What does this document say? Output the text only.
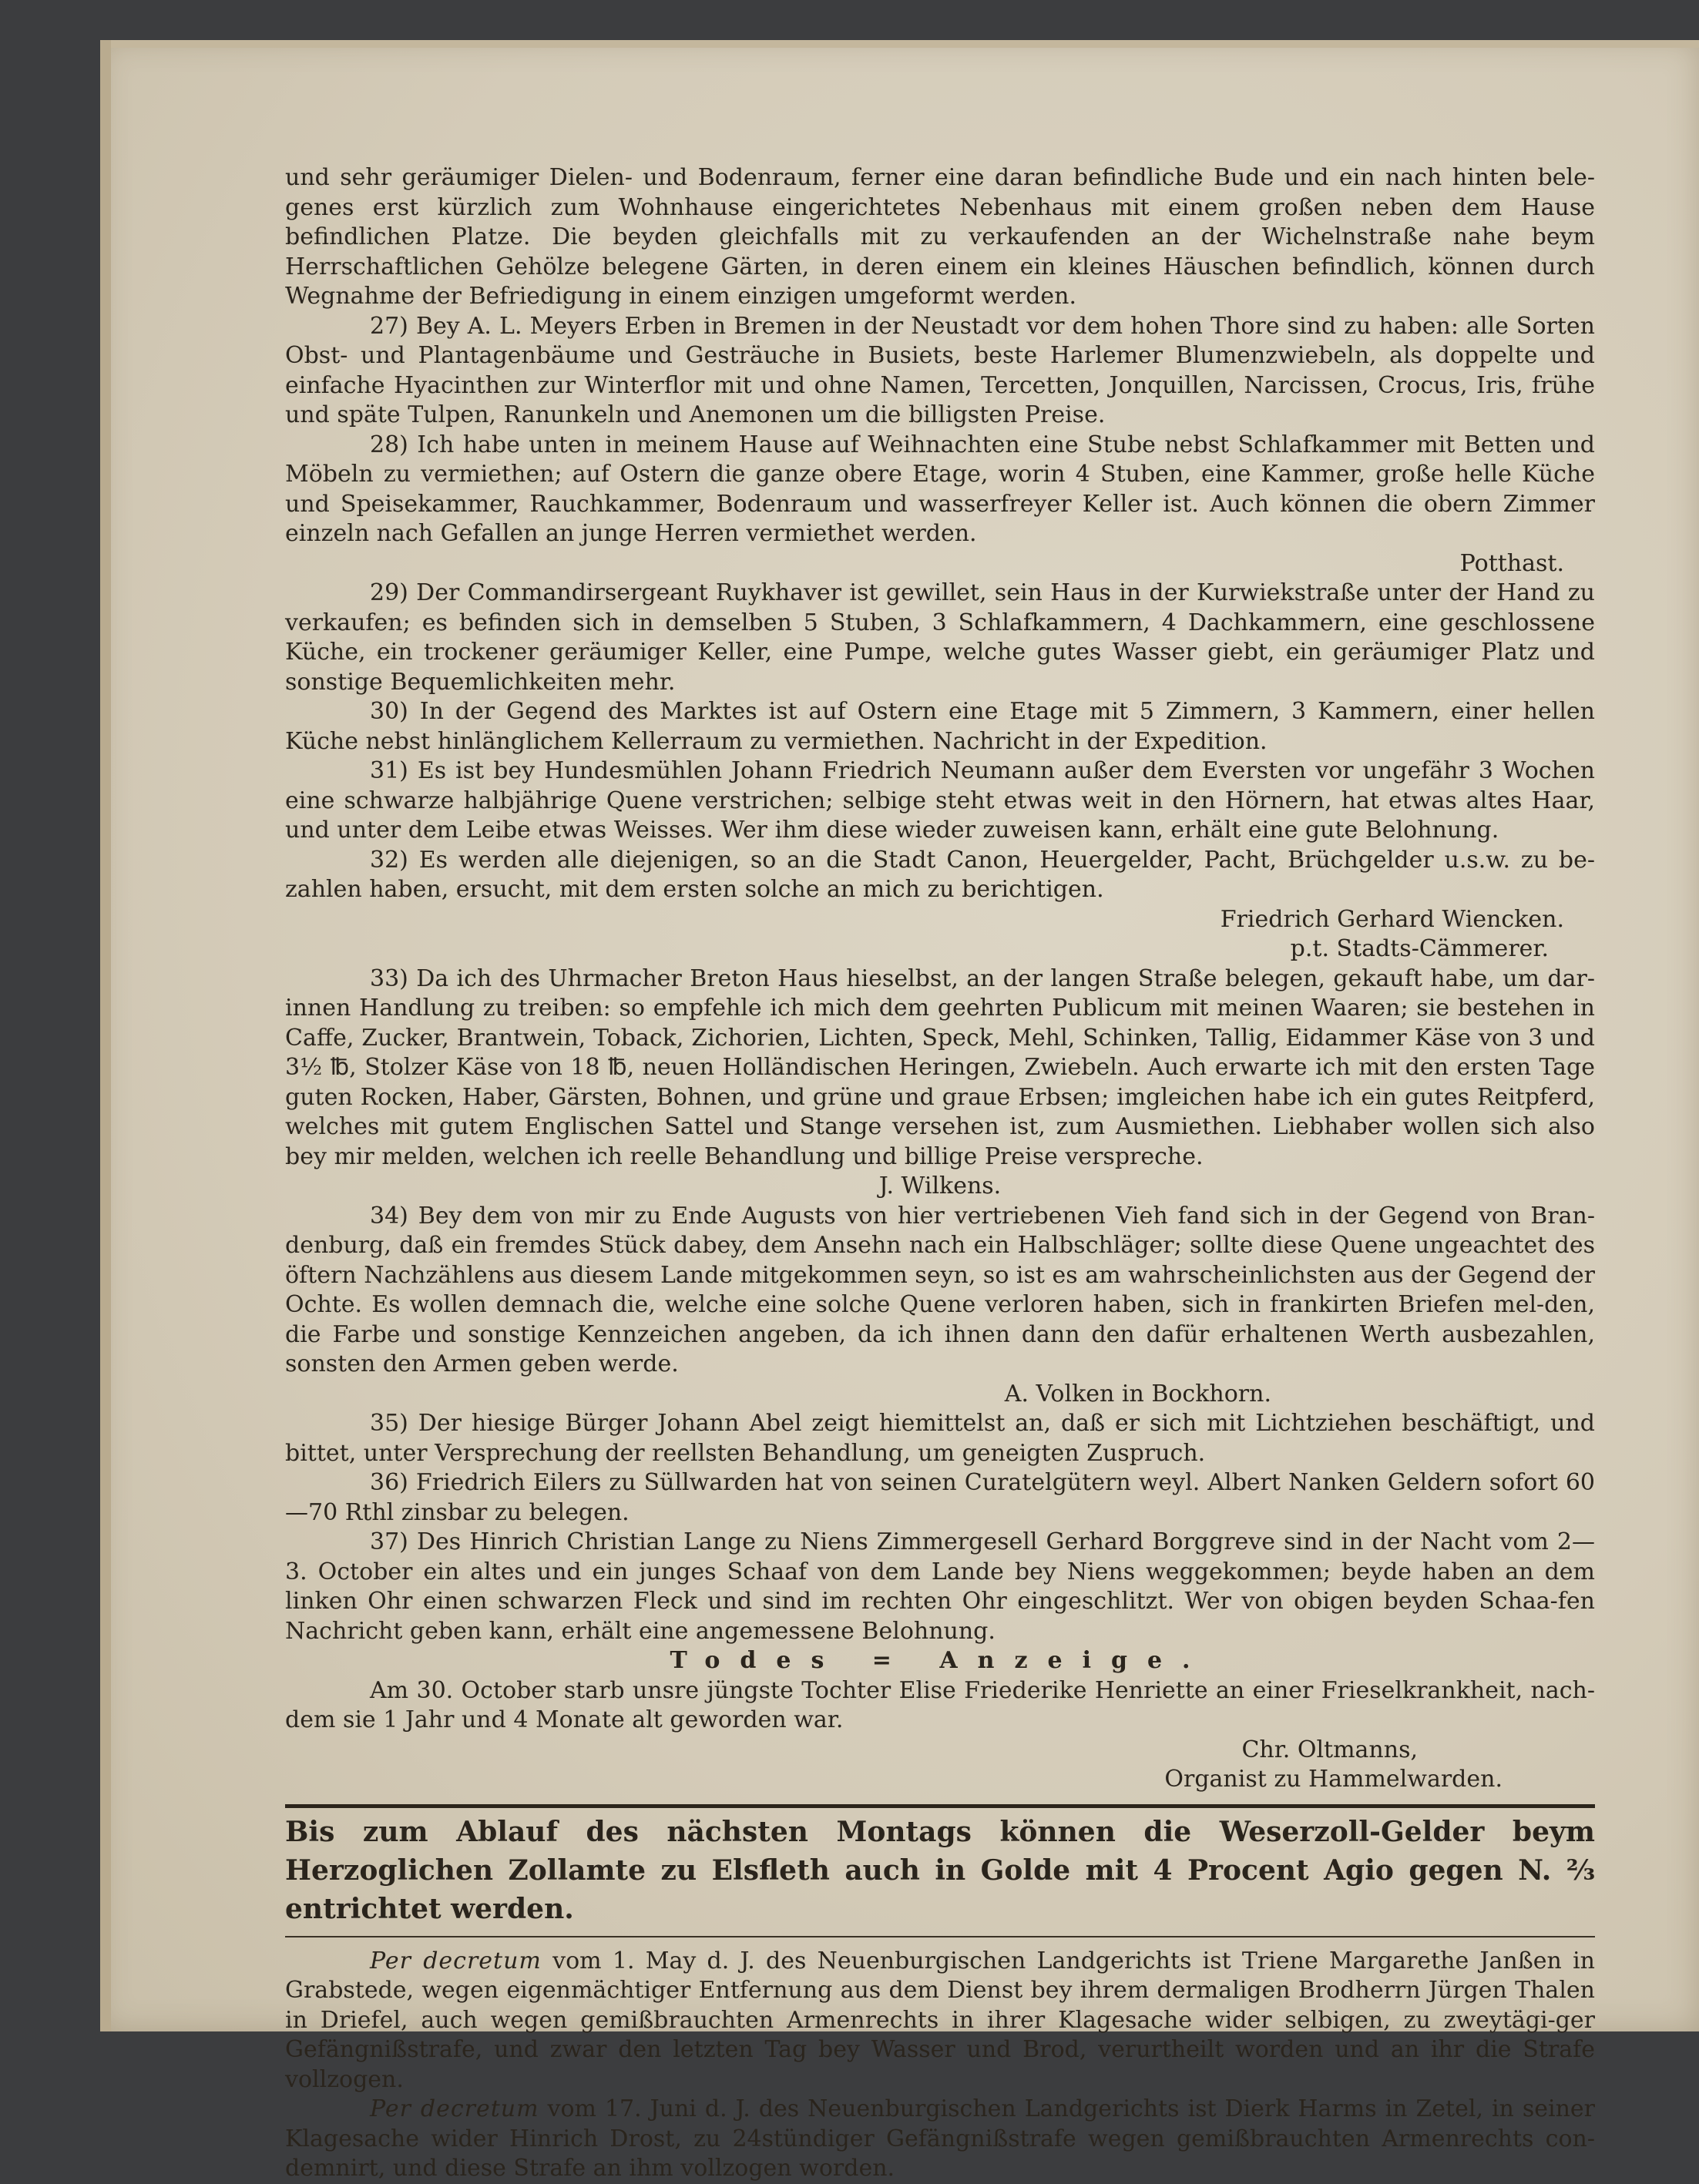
und sehr geräumiger Dielen- und Bodenraum, ferner eine daran befindliche Bude und ein nach hinten bele-genes erst kürzlich zum Wohnhause eingerichtetes Nebenhaus mit einem großen neben dem Hause befindlichen Platze. Die beyden gleichfalls mit zu verkaufenden an der Wichelnstraße nahe beym Herrschaftlichen Gehölze belegene Gärten, in deren einem ein kleines Häuschen befindlich, können durch Wegnahme der Befriedigung in einem einzigen umgeformt werden.

27) Bey A. L. Meyers Erben in Bremen in der Neustadt vor dem hohen Thore sind zu haben: alle Sorten Obst- und Plantagenbäume und Gesträuche in Busiets, beste Harlemer Blumenzwiebeln, als doppelte und einfache Hyacinthen zur Winterflor mit und ohne Namen, Tercetten, Jonquillen, Narcissen, Crocus, Iris, frühe und späte Tulpen, Ranunkeln und Anemonen um die billigsten Preise.

28) Ich habe unten in meinem Hause auf Weihnachten eine Stube nebst Schlafkammer mit Betten und Möbeln zu vermiethen; auf Ostern die ganze obere Etage, worin 4 Stuben, eine Kammer, große helle Küche und Speisekammer, Rauchkammer, Bodenraum und wasserfreyer Keller ist. Auch können die obern Zimmer einzeln nach Gefallen an junge Herren vermiethet werden.

Potthast.

29) Der Commandirsergeant Ruykhaver ist gewillet, sein Haus in der Kurwiekstraße unter der Hand zu verkaufen; es befinden sich in demselben 5 Stuben, 3 Schlafkammern, 4 Dachkammern, eine geschlossene Küche, ein trockener geräumiger Keller, eine Pumpe, welche gutes Wasser giebt, ein geräumiger Platz und sonstige Bequemlichkeiten mehr.

30) In der Gegend des Marktes ist auf Ostern eine Etage mit 5 Zimmern, 3 Kammern, einer hellen Küche nebst hinlänglichem Kellerraum zu vermiethen. Nachricht in der Expedition.

31) Es ist bey Hundesmühlen Johann Friedrich Neumann außer dem Eversten vor ungefähr 3 Wochen eine schwarze halbjährige Quene verstrichen; selbige steht etwas weit in den Hörnern, hat etwas altes Haar, und unter dem Leibe etwas Weisses. Wer ihm diese wieder zuweisen kann, erhält eine gute Belohnung.

32) Es werden alle diejenigen, so an die Stadt Canon, Heuergelder, Pacht, Brüchgelder u.s.w. zu be-zahlen haben, ersucht, mit dem ersten solche an mich zu berichtigen.

Friedrich Gerhard Wiencken.

p.t. Stadts-Cämmerer.

33) Da ich des Uhrmacher Breton Haus hieselbst, an der langen Straße belegen, gekauft habe, um dar-innen Handlung zu treiben: so empfehle ich mich dem geehrten Publicum mit meinen Waaren; sie bestehen in Caffe, Zucker, Brantwein, Toback, Zichorien, Lichten, Speck, Mehl, Schinken, Tallig, Eidammer Käse von 3 und 3½ ℔, Stolzer Käse von 18 ℔, neuen Holländischen Heringen, Zwiebeln. Auch erwarte ich mit den ersten Tage guten Rocken, Haber, Gärsten, Bohnen, und grüne und graue Erbsen; imgleichen habe ich ein gutes Reitpferd, welches mit gutem Englischen Sattel und Stange versehen ist, zum Ausmiethen. Liebhaber wollen sich also bey mir melden, welchen ich reelle Behandlung und billige Preise verspreche.

J. Wilkens.

34) Bey dem von mir zu Ende Augusts von hier vertriebenen Vieh fand sich in der Gegend von Bran-denburg, daß ein fremdes Stück dabey, dem Ansehn nach ein Halbschläger; sollte diese Quene ungeachtet des öftern Nachzählens aus diesem Lande mitgekommen seyn, so ist es am wahrscheinlichsten aus der Gegend der Ochte. Es wollen demnach die, welche eine solche Quene verloren haben, sich in frankirten Briefen mel-den, die Farbe und sonstige Kennzeichen angeben, da ich ihnen dann den dafür erhaltenen Werth ausbezahlen, sonsten den Armen geben werde.

A. Volken in Bockhorn.

35) Der hiesige Bürger Johann Abel zeigt hiemittelst an, daß er sich mit Lichtziehen beschäftigt, und bittet, unter Versprechung der reellsten Behandlung, um geneigten Zuspruch.

36) Friedrich Eilers zu Süllwarden hat von seinen Curatelgütern weyl. Albert Nanken Geldern sofort 60—70 Rthl zinsbar zu belegen.

37) Des Hinrich Christian Lange zu Niens Zimmergesell Gerhard Borggreve sind in der Nacht vom 2—3. October ein altes und ein junges Schaaf von dem Lande bey Niens weggekommen; beyde haben an dem linken Ohr einen schwarzen Fleck und sind im rechten Ohr eingeschlitzt. Wer von obigen beyden Schaa-fen Nachricht geben kann, erhält eine angemessene Belohnung.

Todes = Anzeige.

Am 30. October starb unsre jüngste Tochter Elise Friederike Henriette an einer Frieselkrankheit, nach-dem sie 1 Jahr und 4 Monate alt geworden war.

Chr. Oltmanns,

Organist zu Hammelwarden.

Bis zum Ablauf des nächsten Montags können die Weserzoll-Gelder beym Herzoglichen Zollamte zu Elsfleth auch in Golde mit 4 Procent Agio gegen N. ⅔ entrichtet werden.

Per decretum vom 1. May d. J. des Neuenburgischen Landgerichts ist Triene Margarethe Janßen in Grabstede, wegen eigenmächtiger Entfernung aus dem Dienst bey ihrem dermaligen Brodherrn Jürgen Thalen in Driefel, auch wegen gemißbrauchten Armenrechts in ihrer Klagesache wider selbigen, zu zweytägi-ger Gefängnißstrafe, und zwar den letzten Tag bey Wasser und Brod, verurtheilt worden und an ihr die Strafe vollzogen.

Per decretum vom 17. Juni d. J. des Neuenburgischen Landgerichts ist Dierk Harms in Zetel, in seiner Klagesache wider Hinrich Drost, zu 24stündiger Gefängnißstrafe wegen gemißbrauchten Armenrechts con-demnirt, und diese Strafe an ihm vollzogen worden.
